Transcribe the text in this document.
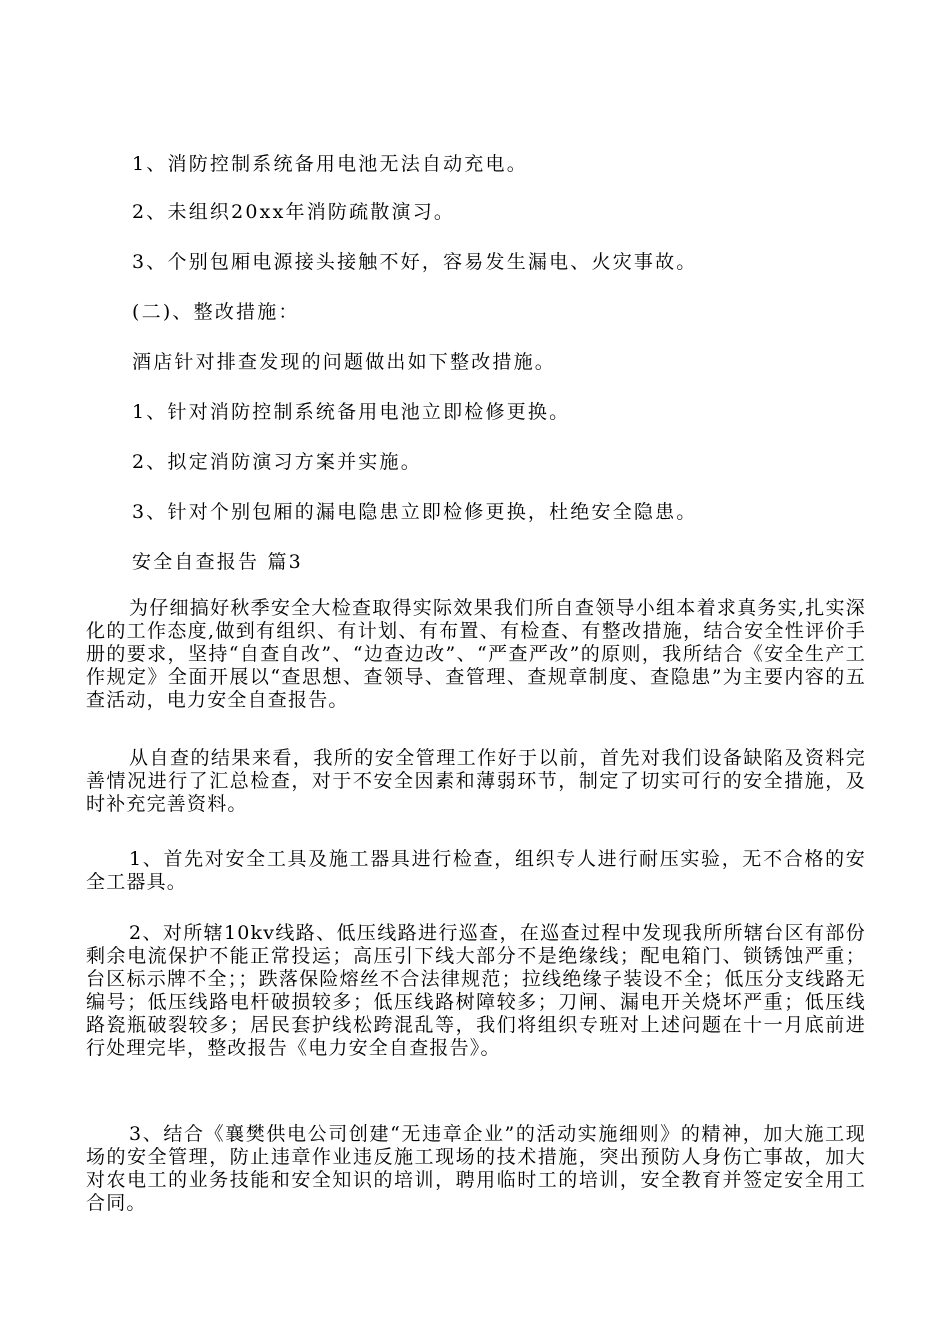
1、消防控制系统备用电池无法自动充电。
2、未组织20xx年消防疏散演习。
3、个别包厢电源接头接触不好，容易发生漏电、火灾事故。
(二)、整改措施：
酒店针对排查发现的问题做出如下整改措施。
1、针对消防控制系统备用电池立即检修更换。
2、拟定消防演习方案并实施。
3、针对个别包厢的漏电隐患立即检修更换，杜绝安全隐患。
安全自查报告 篇3
为仔细搞好秋季安全大检查取得实际效果我们所自查领导小组本着求真务实,扎实深化的工作态度,做到有组织、有计划、有布置、有检查、有整改措施，结合安全性评价手册的要求，坚持“自查自改”、“边查边改”、“严查严改”的原则，我所结合《安全生产工作规定》全面开展以“查思想、查领导、查管理、查规章制度、查隐患”为主要内容的五查活动，电力安全自查报告。
从自查的结果来看，我所的安全管理工作好于以前，首先对我们设备缺陷及资料完善情况进行了汇总检查，对于不安全因素和薄弱环节，制定了切实可行的安全措施，及时补充完善资料。
1、首先对安全工具及施工器具进行检查，组织专人进行耐压实验，无不合格的安全工器具。
2、对所辖10kv线路、低压线路进行巡查，在巡查过程中发现我所所辖台区有部份剩余电流保护不能正常投运；高压引下线大部分不是绝缘线；配电箱门、锁锈蚀严重；台区标示牌不全；；跌落保险熔丝不合法律规范；拉线绝缘子装设不全；低压分支线路无编号；低压线路电杆破损较多；低压线路树障较多；刀闸、漏电开关烧坏严重；低压线路瓷瓶破裂较多；居民套护线松跨混乱等，我们将组织专班对上述问题在十一月底前进行处理完毕，整改报告《电力安全自查报告》。
3、结合《襄樊供电公司创建“无违章企业”的活动实施细则》的精神，加大施工现场的安全管理，防止违章作业违反施工现场的技术措施，突出预防人身伤亡事故，加大对农电工的业务技能和安全知识的培训，聘用临时工的培训，安全教育并签定安全用工合同。
